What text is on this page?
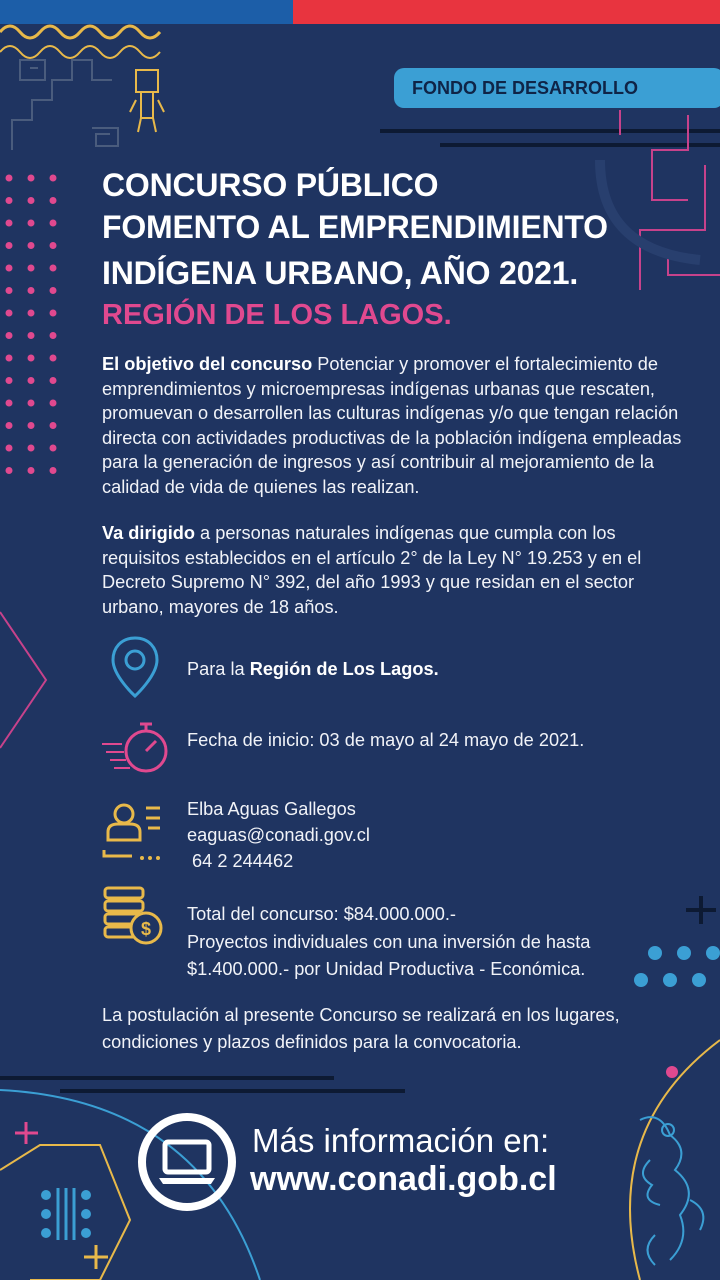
FONDO DE DESARROLLO
CONCURSO PÚBLICO
FOMENTO AL EMPRENDIMIENTO
INDÍGENA URBANO, AÑO 2021.
REGIÓN DE LOS LAGOS.
El objetivo del concurso Potenciar y promover el fortalecimiento de emprendimientos y microempresas indígenas urbanas que rescaten, promuevan o desarrollen las culturas indígenas y/o que tengan relación directa con actividades productivas de la población indígena empleadas para la generación de ingresos y así contribuir al mejoramiento de la calidad de vida de quienes las realizan.
Va dirigido a personas naturales indígenas que cumpla con los requisitos establecidos en el artículo 2° de la Ley N° 19.253 y en el Decreto Supremo N° 392, del año 1993 y que residan en el sector urbano, mayores de 18 años.
Para la Región de Los Lagos.
Fecha de inicio: 03 de mayo al 24 mayo de 2021.
Elba Aguas Gallegos
eaguas@conadi.gov.cl
64 2 244462
$
Total del concurso: $84.000.000.-
Proyectos individuales con una inversión de hasta
$1.400.000.- por Unidad Productiva - Económica.
La postulación al presente Concurso se realizará en los lugares, condiciones y plazos definidos para la convocatoria.
Más información en:
www.conadi.gob.cl
